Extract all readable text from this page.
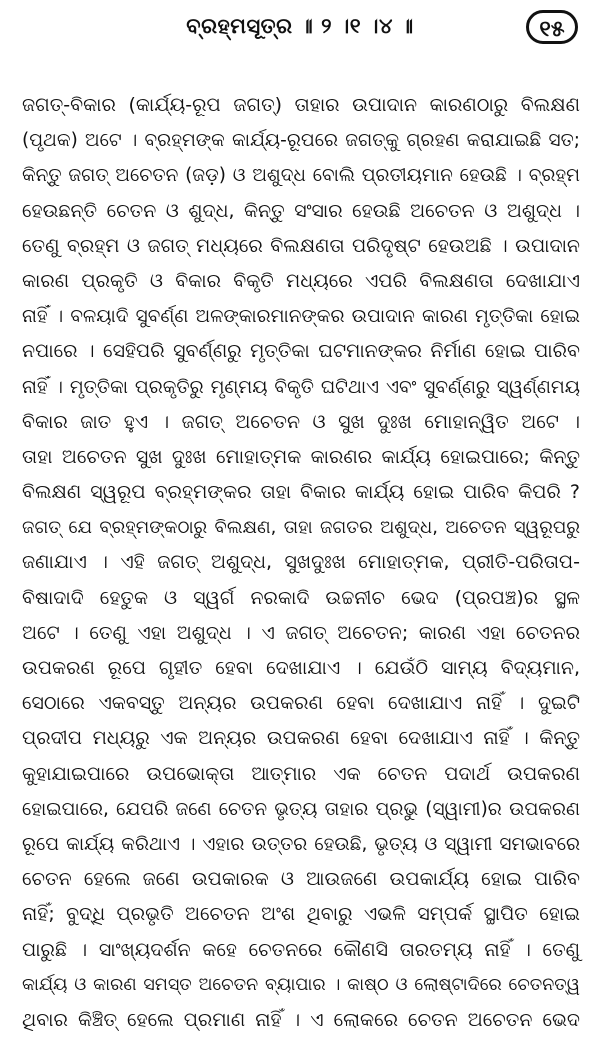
ବ୍ରହ୍ମସୂତ୍ର ॥ ୨ ।୧ ।୪ ॥	୧୫
ଜଗତ୍-ବିକାର (କାର୍ଯ୍ୟ-ରୂପ ଜଗତ୍) ତାହାର ଉପାଦାନ କାରଣଠାରୁ ବିଲକ୍ଷଣ
(ପୃଥକ) ଅଟେ । ବ୍ରହ୍ମଙ୍କ କାର୍ଯ୍ୟ-ରୂପରେ ଜଗତ୍‌କୁ ଗ୍ରହଣ କରାଯାଇଛି ସତ;
କିନ୍ତୁ ଜଗତ୍ ଅଚେତନ (ଜଡ଼) ଓ ଅଶୁଦ୍ଧ ବୋଲି ପ୍ରତୀୟମାନ ହେଉଛି । ବ୍ରହ୍ମ
ହେଉଛନ୍ତି ଚେତନ ଓ ଶୁଦ୍ଧ, କିନ୍ତୁ ସଂସାର ହେଉଛି ଅଚେତନ ଓ ଅଶୁଦ୍ଧ ।
ତେଣୁ ବ୍ରହ୍ମ ଓ ଜଗତ୍ ମଧ୍ୟରେ ବିଲକ୍ଷଣତା ପରିଦୃଷ୍ଟ ହେଉଅଛି । ଉପାଦାନ
କାରଣ ପ୍ରକୃତି ଓ ବିକାର ବିକୃତି ମଧ୍ୟରେ ଏପରି ବିଲକ୍ଷଣତା ଦେଖାଯାଏ
ନାହିଁ । ବଳୟାଦି ସୁବର୍ଣ୍ଣ ଅଳଙ୍କାରମାନଙ୍କର ଉପାଦାନ କାରଣ ମୃତ୍ତିକା ହୋଇ
ନପାରେ । ସେହିପରି ସୁବର୍ଣ୍ଣରୁ ମୃତ୍ତିକା ଘଟମାନଙ୍କର ନିର୍ମାଣ ହୋଇ ପାରିବ
ନାହିଁ । ମୃତ୍ତିକା ପ୍ରକୃତିରୁ ମୃଣ୍ମୟ ବିକୃତି ଘଟିଥାଏ ଏବଂ ସୁବର୍ଣ୍ଣରୁ ସ୍ୱର୍ଣ୍ଣମୟ
ବିକାର ଜାତ ହୁଏ । ଜଗତ୍ ଅଚେତନ ଓ ସୁଖ ଦୁଃଖ ମୋହାନ୍ୱିତ ଅଟେ ।
ତାହା ଅଚେତନ ସୁଖ ଦୁଃଖ ମୋହାତ୍ମକ କାରଣର କାର୍ଯ୍ୟ ହୋଇପାରେ; କିନ୍ତୁ
ବିଲକ୍ଷଣ ସ୍ୱରୂପ ବ୍ରହ୍ମଙ୍କର ତାହା ବିକାର କାର୍ଯ୍ୟ ହୋଇ ପାରିବ କିପରି ?
ଜଗତ୍ ଯେ ବ୍ରହ୍ମଙ୍କଠାରୁ ବିଲକ୍ଷଣ, ତାହା ଜଗତର ଅଶୁଦ୍ଧ, ଅଚେତନ ସ୍ୱରୂପରୁ
ଜଣାଯାଏ । ଏହି ଜଗତ୍ ଅଶୁଦ୍ଧ, ସୁଖଦୁଃଖ ମୋହାତ୍ମକ, ପ୍ରୀତି-ପରିତାପ-
ବିଷାଦାଦି ହେତୁକ ଓ ସ୍ୱର୍ଗ ନରକାଦି ଉଚ୍ଚନୀଚ ଭେଦ (ପ୍ରପଞ୍ଚ)ର ସ୍ଥଳ
ଅଟେ । ତେଣୁ ଏହା ଅଶୁଦ୍ଧ । ଏ ଜଗତ୍ ଅଚେତନ; କାରଣ ଏହା ଚେତନର
ଉପକରଣ ରୂପେ ଗୃହୀତ ହେବା ଦେଖାଯାଏ । ଯେଉଁଠି ସାମ୍ୟ ବିଦ୍ୟମାନ,
ସେଠାରେ ଏକବସ୍ତୁ ଅନ୍ୟର ଉପକରଣ ହେବା ଦେଖାଯାଏ ନାହିଁ । ଦୁଇଟି
ପ୍ରଦୀପ ମଧ୍ୟରୁ ଏକ ଅନ୍ୟର ଉପକରଣ ହେବା ଦେଖାଯାଏ ନାହିଁ । କିନ୍ତୁ
କୁହାଯାଇପାରେ ଉପଭୋକ୍ତା ଆତ୍ମାର ଏକ ଚେତନ ପଦାର୍ଥ ଉପକରଣ
ହୋଇପାରେ, ଯେପରି ଜଣେ ଚେତନ ଭୃତ୍ୟ ତାହାର ପ୍ରଭୁ (ସ୍ୱାମୀ)ର ଉପକରଣ
ରୂପେ କାର୍ଯ୍ୟ କରିଥାଏ । ଏହାର ଉତ୍ତର ହେଉଛି, ଭୃତ୍ୟ ଓ ସ୍ୱାମୀ ସମଭାବରେ
ଚେତନ ହେଲେ ଜଣେ ଉପକାରକ ଓ ଆଉଜଣେ ଉପକାର୍ଯ୍ୟ ହୋଇ ପାରିବ
ନାହିଁ; ବୁଦ୍ଧି ପ୍ରଭୃତି ଅଚେତନ ଅଂଶ ଥିବାରୁ ଏଭଳି ସମ୍ପର୍କ ସ୍ଥାପିତ ହୋଇ
ପାରୁଛି । ସାଂଖ୍ୟଦର୍ଶନ କହେ ଚେତନରେ କୌଣସି ତାରତମ୍ୟ ନାହିଁ । ତେଣୁ
କାର୍ଯ୍ୟ ଓ କାରଣ ସମସ୍ତ ଅଚେତନ ବ୍ୟାପାର । କାଷ୍ଠ ଓ ଲୋଷ୍ଟାଦିରେ ଚେତନତ୍ୱ
ଥିବାର କିଞ୍ଚିତ୍ ହେଲେ ପ୍ରମାଣ ନାହିଁ । ଏ ଲୋକରେ ଚେତନ ଅଚେତନ ଭେଦ
